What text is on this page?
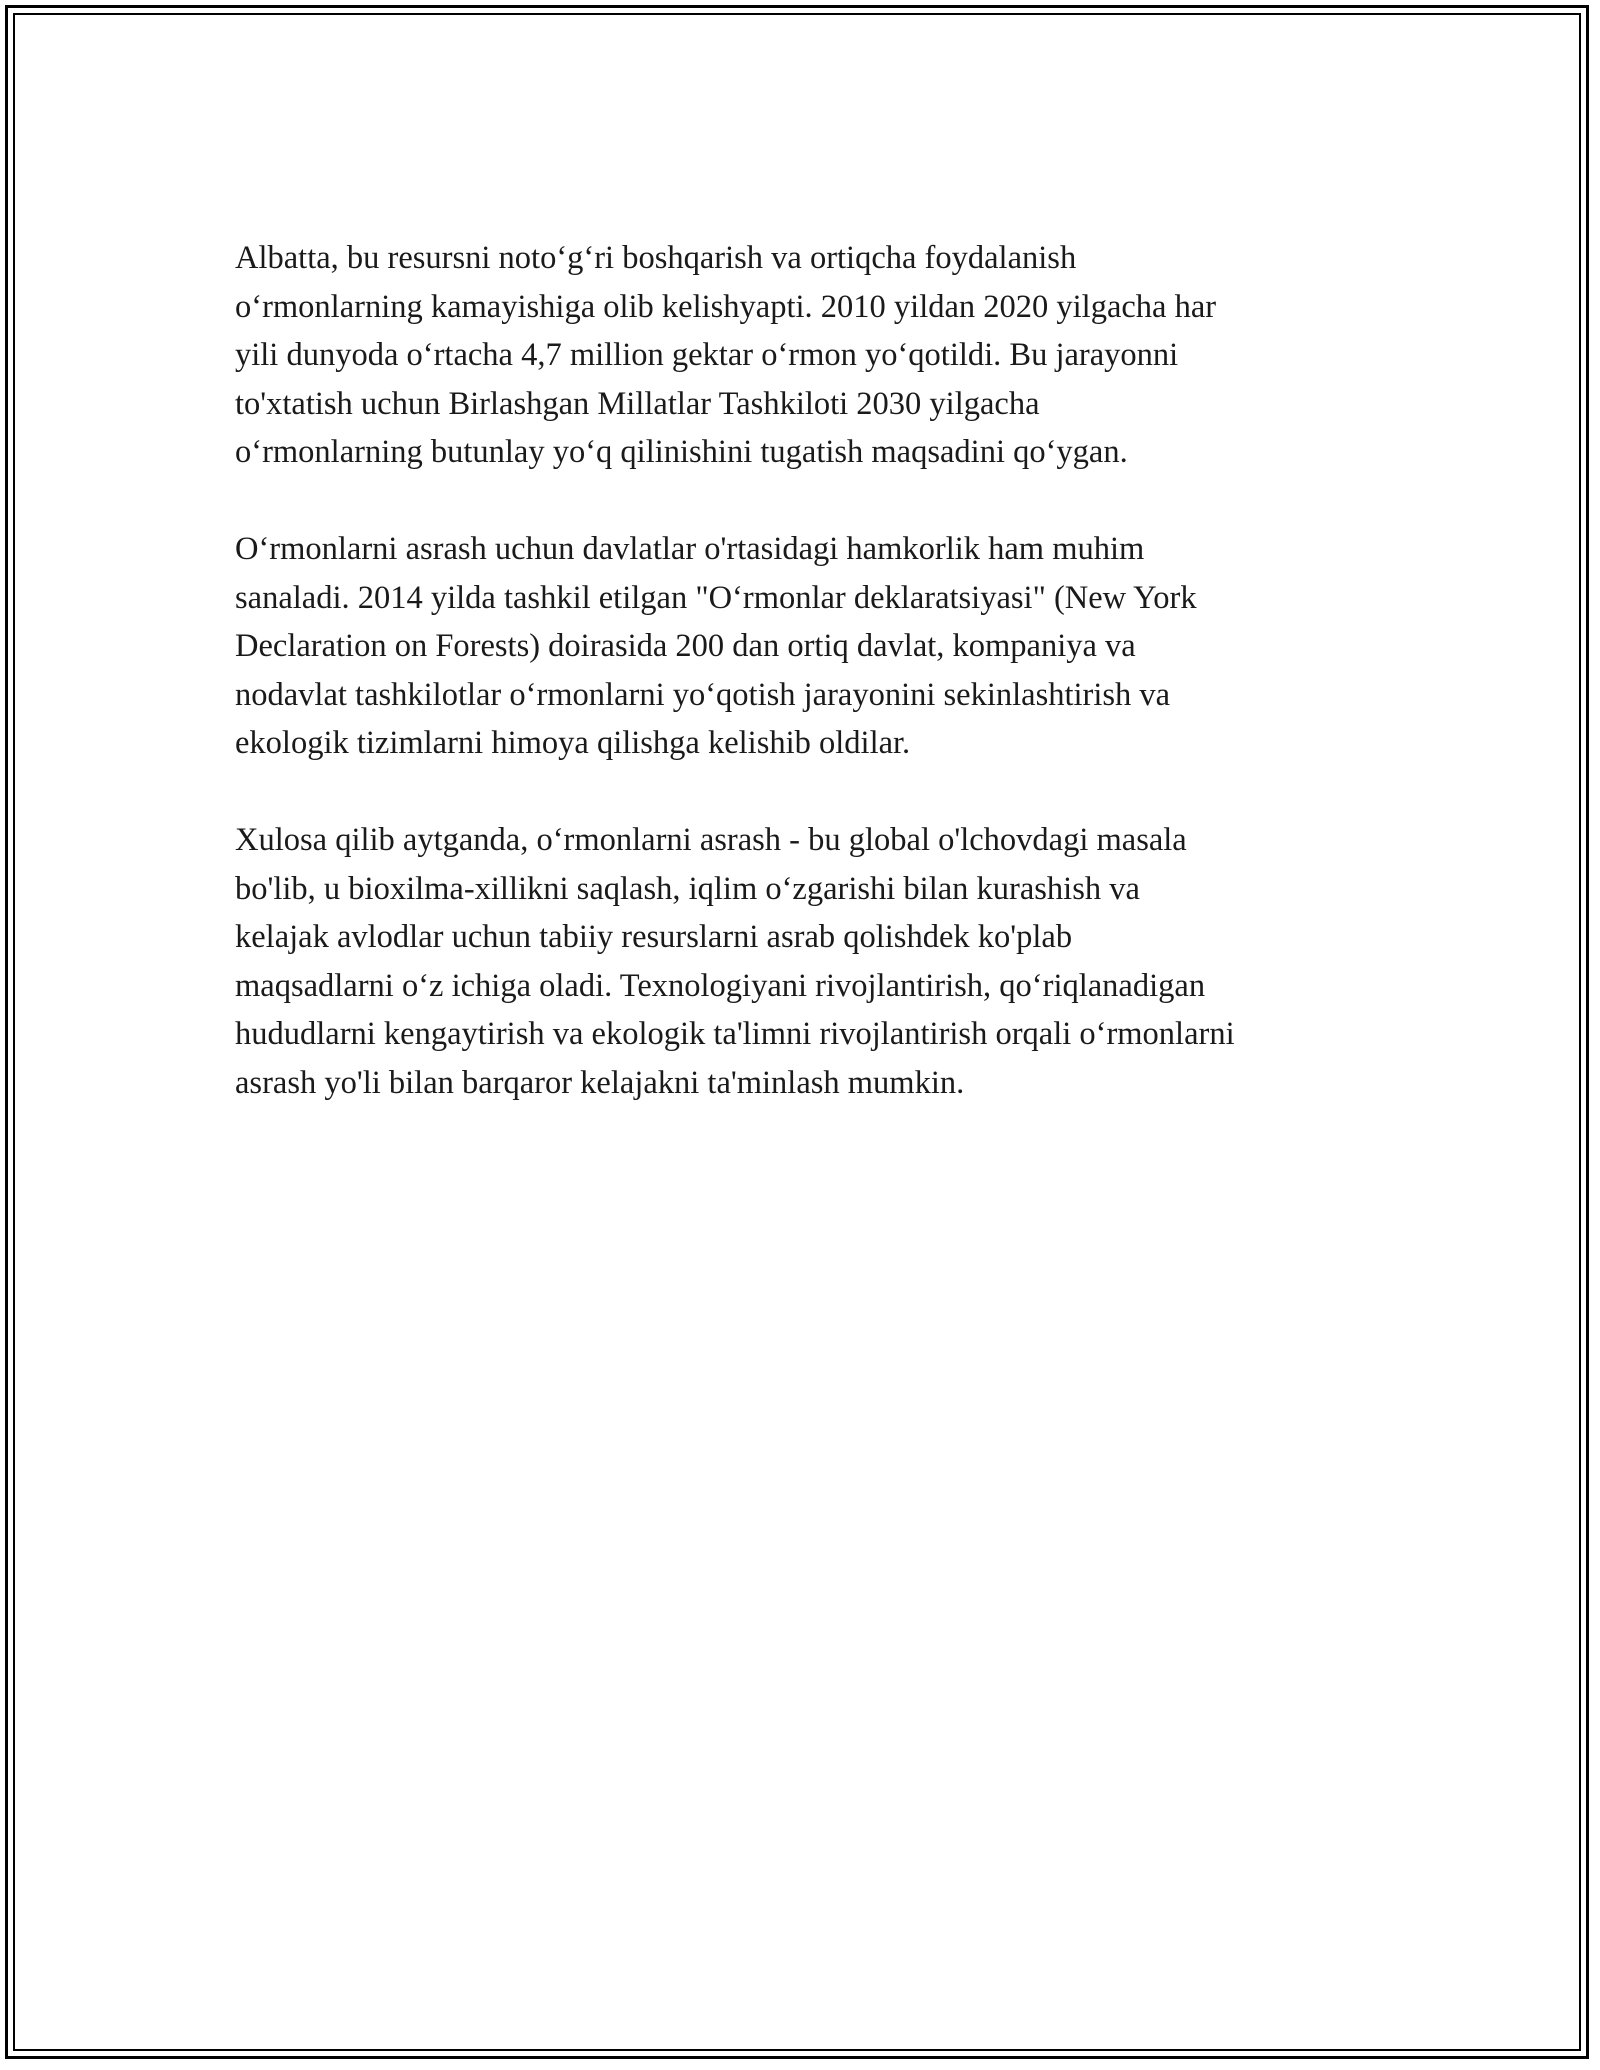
Albatta, bu resursni noto‘g‘ri boshqarish va ortiqcha foydalanish
o‘rmonlarning kamayishiga olib kelishyapti. 2010 yildan 2020 yilgacha har
yili dunyoda o‘rtacha 4,7 million gektar o‘rmon yo‘qotildi. Bu jarayonni
to'xtatish uchun Birlashgan Millatlar Tashkiloti 2030 yilgacha
o‘rmonlarning butunlay yo‘q qilinishini tugatish maqsadini qo‘ygan.

O‘rmonlarni asrash uchun davlatlar o'rtasidagi hamkorlik ham muhim
sanaladi. 2014 yilda tashkil etilgan "O‘rmonlar deklaratsiyasi" (New York
Declaration on Forests) doirasida 200 dan ortiq davlat, kompaniya va
nodavlat tashkilotlar o‘rmonlarni yo‘qotish jarayonini sekinlashtirish va
ekologik tizimlarni himoya qilishga kelishib oldilar.

Xulosa qilib aytganda, o‘rmonlarni asrash - bu global o'lchovdagi masala
bo'lib, u bioxilma-xillikni saqlash, iqlim o‘zgarishi bilan kurashish va
kelajak avlodlar uchun tabiiy resurslarni asrab qolishdek ko'plab
maqsadlarni o‘z ichiga oladi. Texnologiyani rivojlantirish, qo‘riqlanadigan
hududlarni kengaytirish va ekologik ta'limni rivojlantirish orqali o‘rmonlarni
asrash yo'li bilan barqaror kelajakni ta'minlash mumkin.
